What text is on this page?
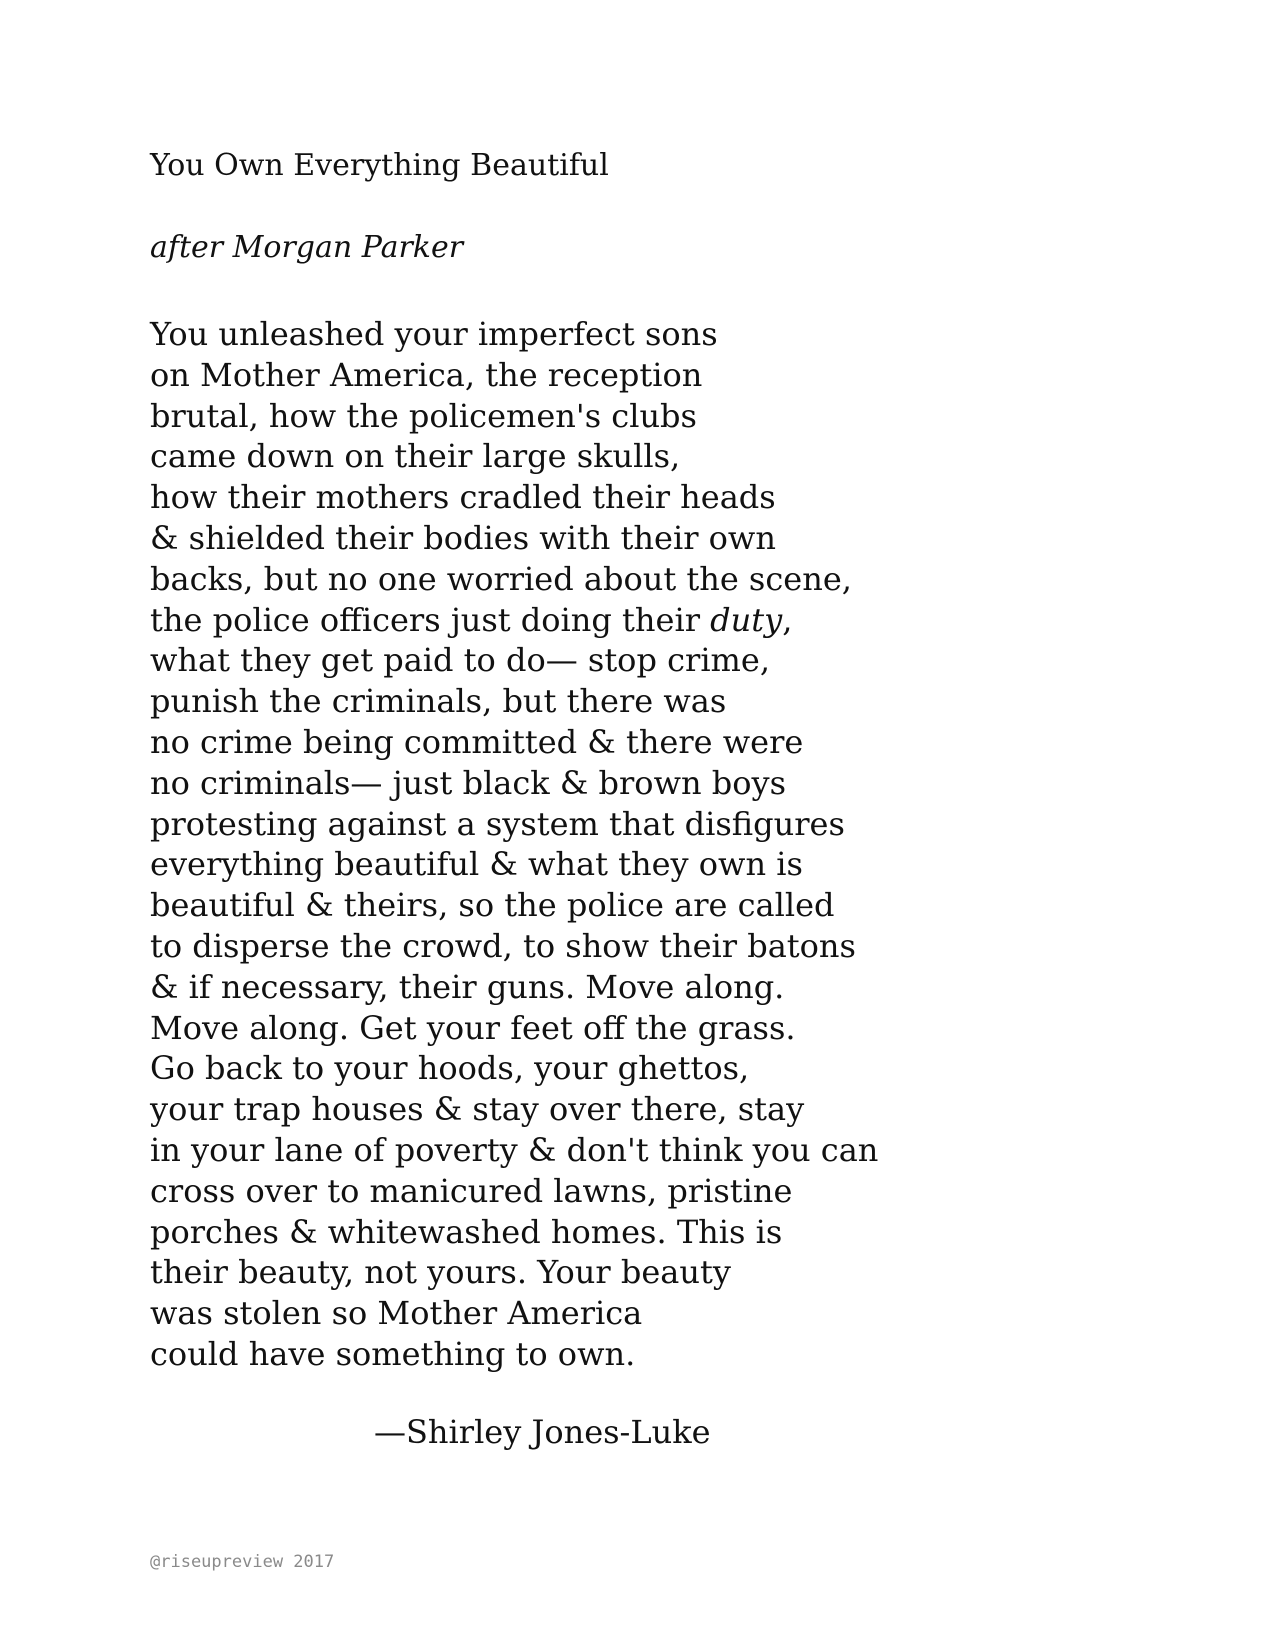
You Own Everything Beautiful
after Morgan Parker
You unleashed your imperfect sons
on Mother America, the reception
brutal, how the policemen's clubs
came down on their large skulls,
how their mothers cradled their heads
& shielded their bodies with their own
backs, but no one worried about the scene,
the police officers just doing their duty,
what they get paid to do— stop crime,
punish the criminals, but there was
no crime being committed & there were
no criminals— just black & brown boys
protesting against a system that disfigures
everything beautiful & what they own is
beautiful & theirs, so the police are called
to disperse the crowd, to show their batons
& if necessary, their guns. Move along.
Move along. Get your feet off the grass.
Go back to your hoods, your ghettos,
your trap houses & stay over there, stay
in your lane of poverty & don't think you can
cross over to manicured lawns, pristine
porches & whitewashed homes. This is
their beauty, not yours. Your beauty
was stolen so Mother America
could have something to own.
—Shirley Jones-Luke
@riseupreview 2017
